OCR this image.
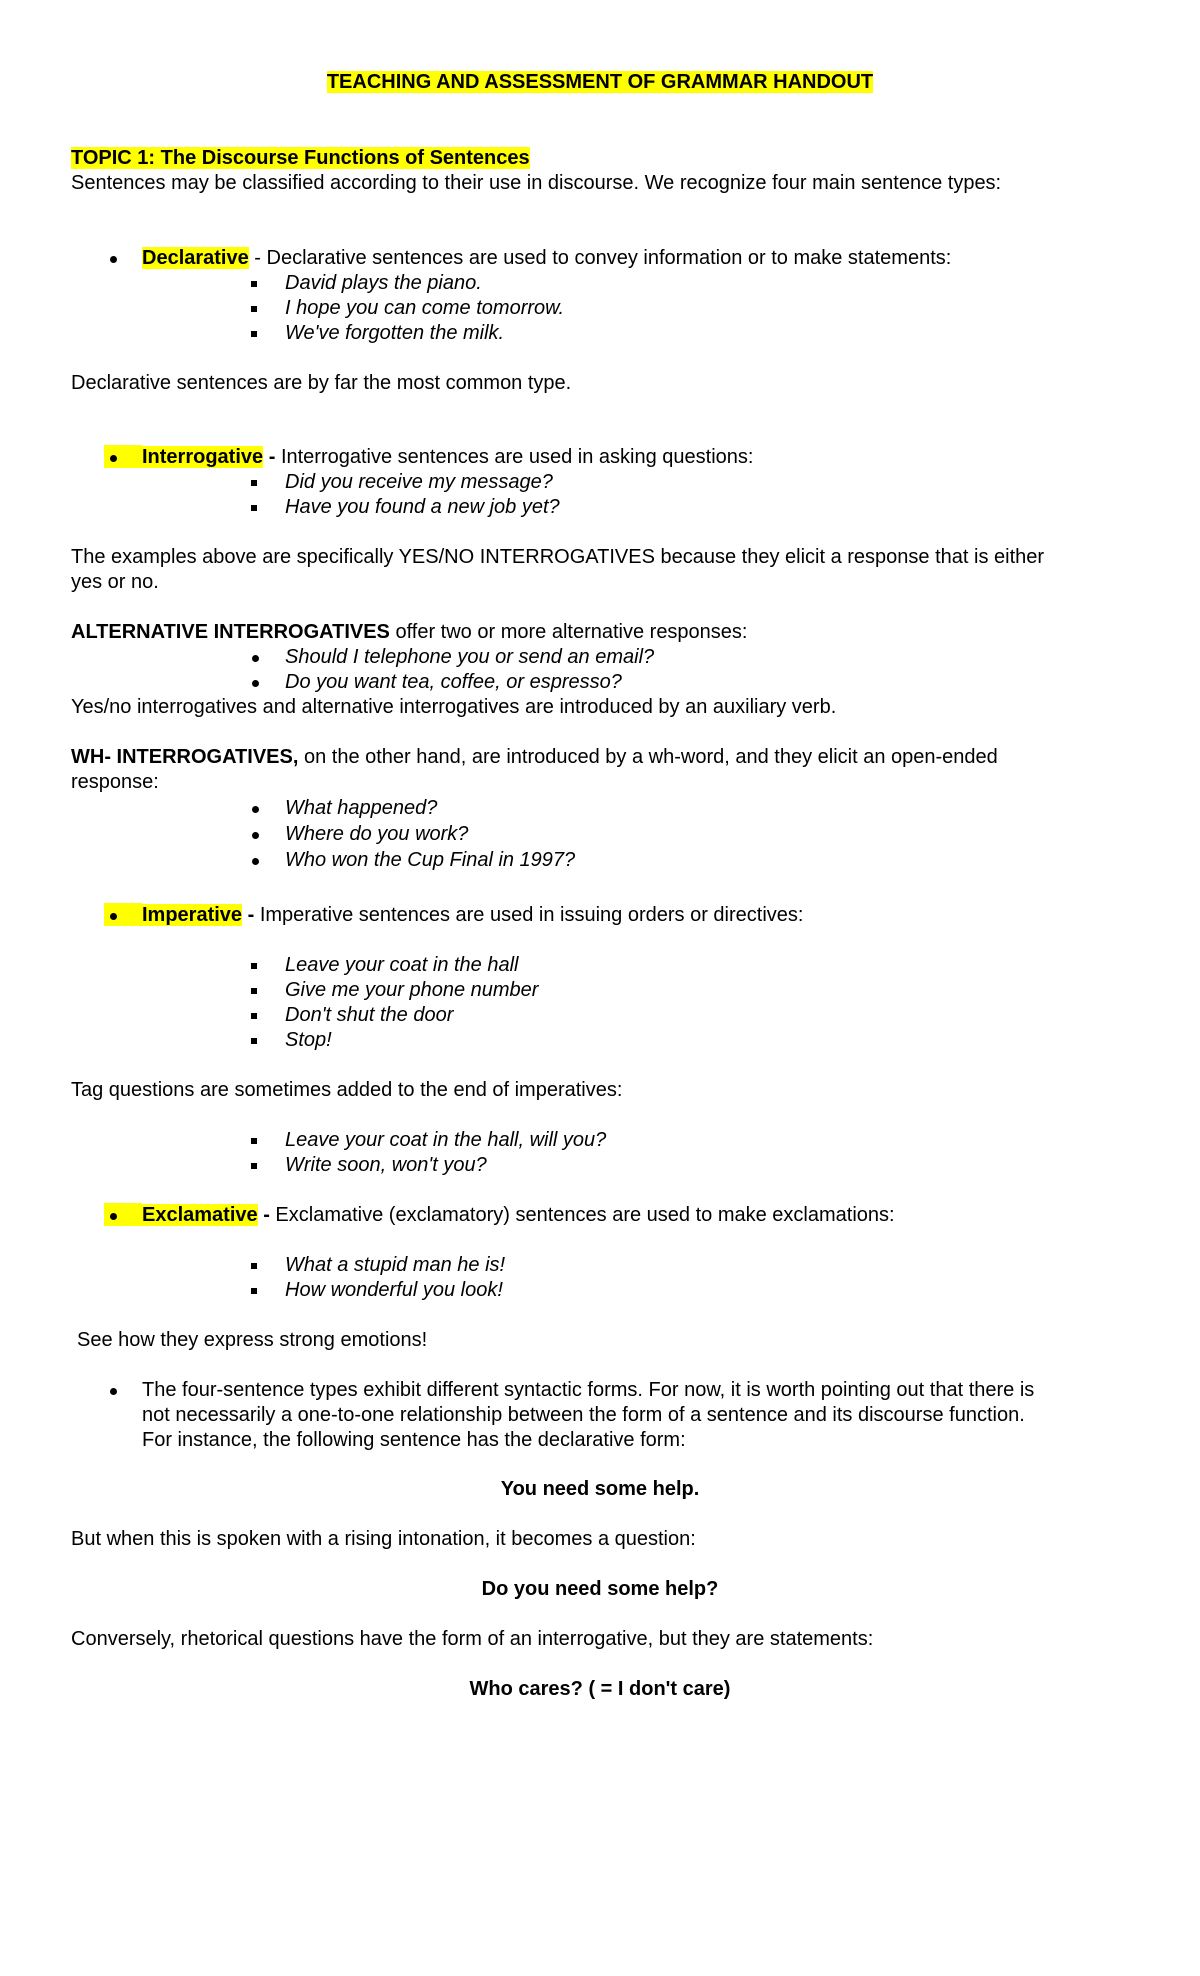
TEACHING AND ASSESSMENT OF GRAMMAR HANDOUT
TOPIC 1: The Discourse Functions of Sentences
Sentences may be classified according to their use in discourse. We recognize four main sentence types:
Declarative - Declarative sentences are used to convey information or to make statements:
David plays the piano.
I hope you can come tomorrow.
We've forgotten the milk.
Declarative sentences are by far the most common type.
Interrogative - Interrogative sentences are used in asking questions:
Did you receive my message?
Have you found a new job yet?
The examples above are specifically YES/NO INTERROGATIVES because they elicit a response that is either
yes or no.
ALTERNATIVE INTERROGATIVES offer two or more alternative responses:
Should I telephone you or send an email?
Do you want tea, coffee, or espresso?
Yes/no interrogatives and alternative interrogatives are introduced by an auxiliary verb.
WH- INTERROGATIVES, on the other hand, are introduced by a wh-word, and they elicit an open-ended
response:
What happened?
Where do you work?
Who won the Cup Final in 1997?
Imperative - Imperative sentences are used in issuing orders or directives:
Leave your coat in the hall
Give me your phone number
Don't shut the door
Stop!
Tag questions are sometimes added to the end of imperatives:
Leave your coat in the hall, will you?
Write soon, won't you?
Exclamative - Exclamative (exclamatory) sentences are used to make exclamations:
What a stupid man he is!
How wonderful you look!
See how they express strong emotions!
The four-sentence types exhibit different syntactic forms. For now, it is worth pointing out that there is
not necessarily a one-to-one relationship between the form of a sentence and its discourse function.
For instance, the following sentence has the declarative form:
You need some help.
But when this is spoken with a rising intonation, it becomes a question:
Do you need some help?
Conversely, rhetorical questions have the form of an interrogative, but they are statements:
Who cares? ( = I don't care)
